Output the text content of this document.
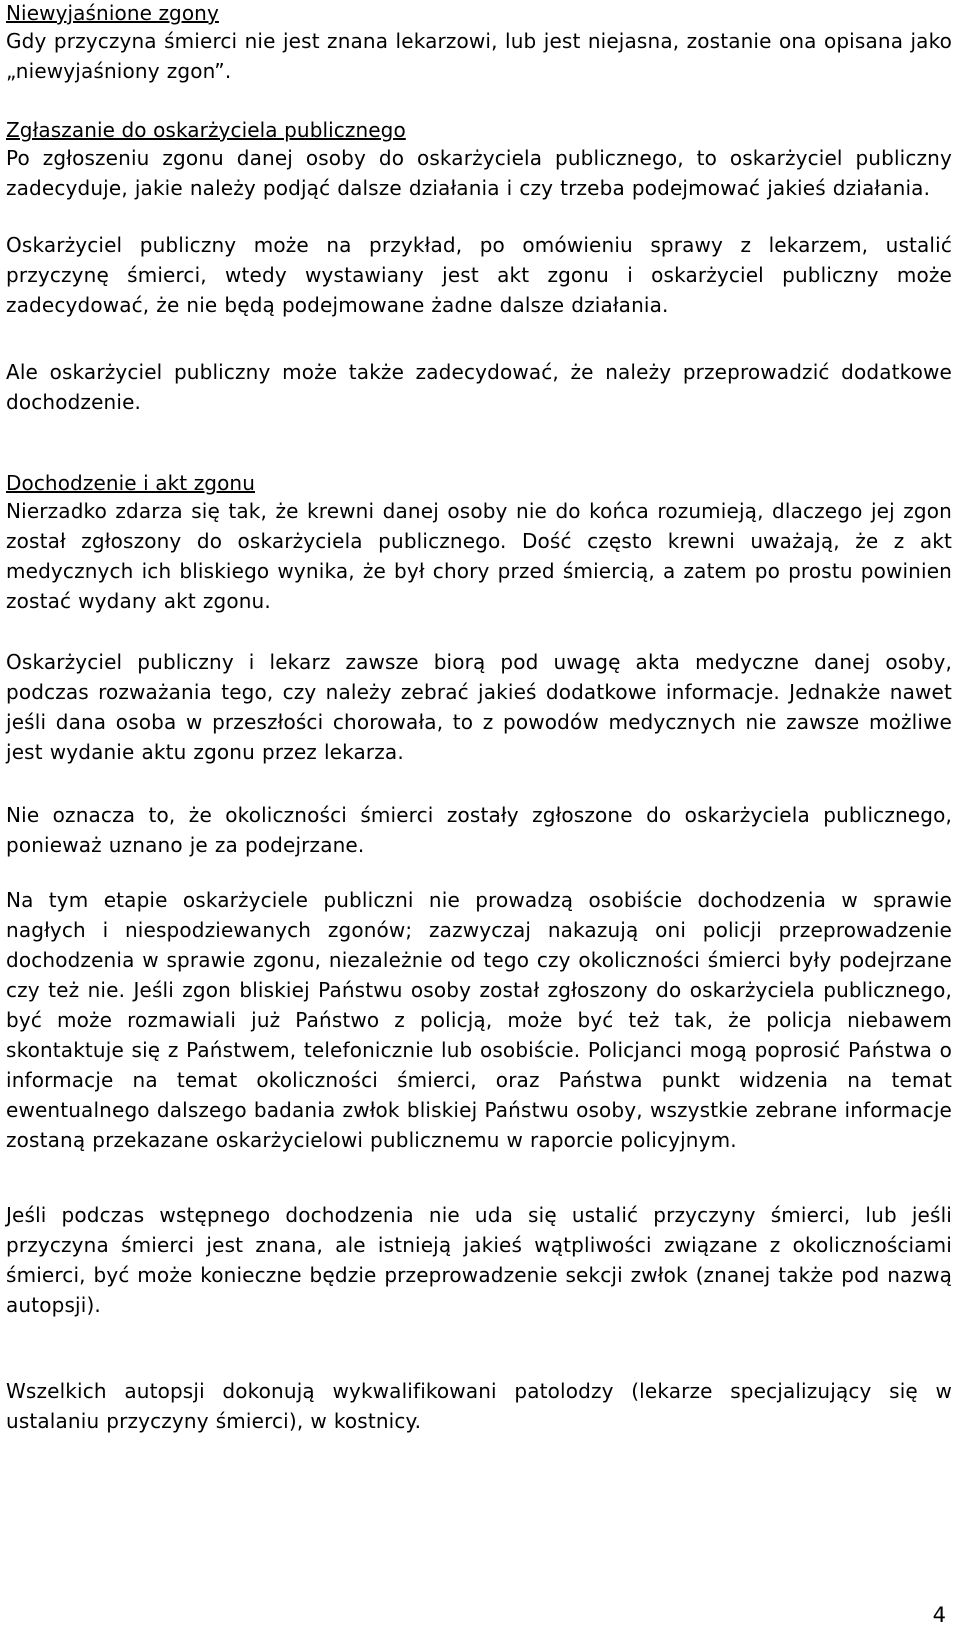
Niewyjaśnione zgony

Gdy przyczyna śmierci nie jest znana lekarzowi, lub jest niejasna, zostanie ona opisana jako „niewyjaśniony zgon”.

Zgłaszanie do oskarżyciela publicznego

Po zgłoszeniu zgonu danej osoby do oskarżyciela publicznego, to oskarżyciel publiczny zadecyduje, jakie należy podjąć dalsze działania i czy trzeba podejmować jakieś działania.

Oskarżyciel publiczny może na przykład, po omówieniu sprawy z lekarzem, ustalić przyczynę śmierci, wtedy wystawiany jest akt zgonu i oskarżyciel publiczny może zadecydować, że nie będą podejmowane żadne dalsze działania.

Ale oskarżyciel publiczny może także zadecydować, że należy przeprowadzić dodatkowe dochodzenie.

Dochodzenie i akt zgonu

Nierzadko zdarza się tak, że krewni danej osoby nie do końca rozumieją, dlaczego jej zgon został zgłoszony do oskarżyciela publicznego. Dość często krewni uważają, że z akt medycznych ich bliskiego wynika, że był chory przed śmiercią, a zatem po prostu powinien zostać wydany akt zgonu.

Oskarżyciel publiczny i lekarz zawsze biorą pod uwagę akta medyczne danej osoby, podczas rozważania tego, czy należy zebrać jakieś dodatkowe informacje. Jednakże nawet jeśli dana osoba w przeszłości chorowała, to z powodów medycznych nie zawsze możliwe jest wydanie aktu zgonu przez lekarza.

Nie oznacza to, że okoliczności śmierci zostały zgłoszone do oskarżyciela publicznego, ponieważ uznano je za podejrzane.

Na tym etapie oskarżyciele publiczni nie prowadzą osobiście dochodzenia w sprawie nagłych i niespodziewanych zgonów; zazwyczaj nakazują oni policji przeprowadzenie dochodzenia w sprawie zgonu, niezależnie od tego czy okoliczności śmierci były podejrzane czy też nie. Jeśli zgon bliskiej Państwu osoby został zgłoszony do oskarżyciela publicznego, być może rozmawiali już Państwo z policją, może być też tak, że policja niebawem skontaktuje się z Państwem, telefonicznie lub osobiście. Policjanci mogą poprosić Państwa o informacje na temat okoliczności śmierci, oraz Państwa punkt widzenia na temat ewentualnego dalszego badania zwłok bliskiej Państwu osoby, wszystkie zebrane informacje zostaną przekazane oskarżycielowi publicznemu w raporcie policyjnym.

Jeśli podczas wstępnego dochodzenia nie uda się ustalić przyczyny śmierci, lub jeśli przyczyna śmierci jest znana, ale istnieją jakieś wątpliwości związane z okolicznościami śmierci, być może konieczne będzie przeprowadzenie sekcji zwłok (znanej także pod nazwą autopsji).

Wszelkich autopsji dokonują wykwalifikowani patolodzy (lekarze specjalizujący się w ustalaniu przyczyny śmierci), w kostnicy.

4
